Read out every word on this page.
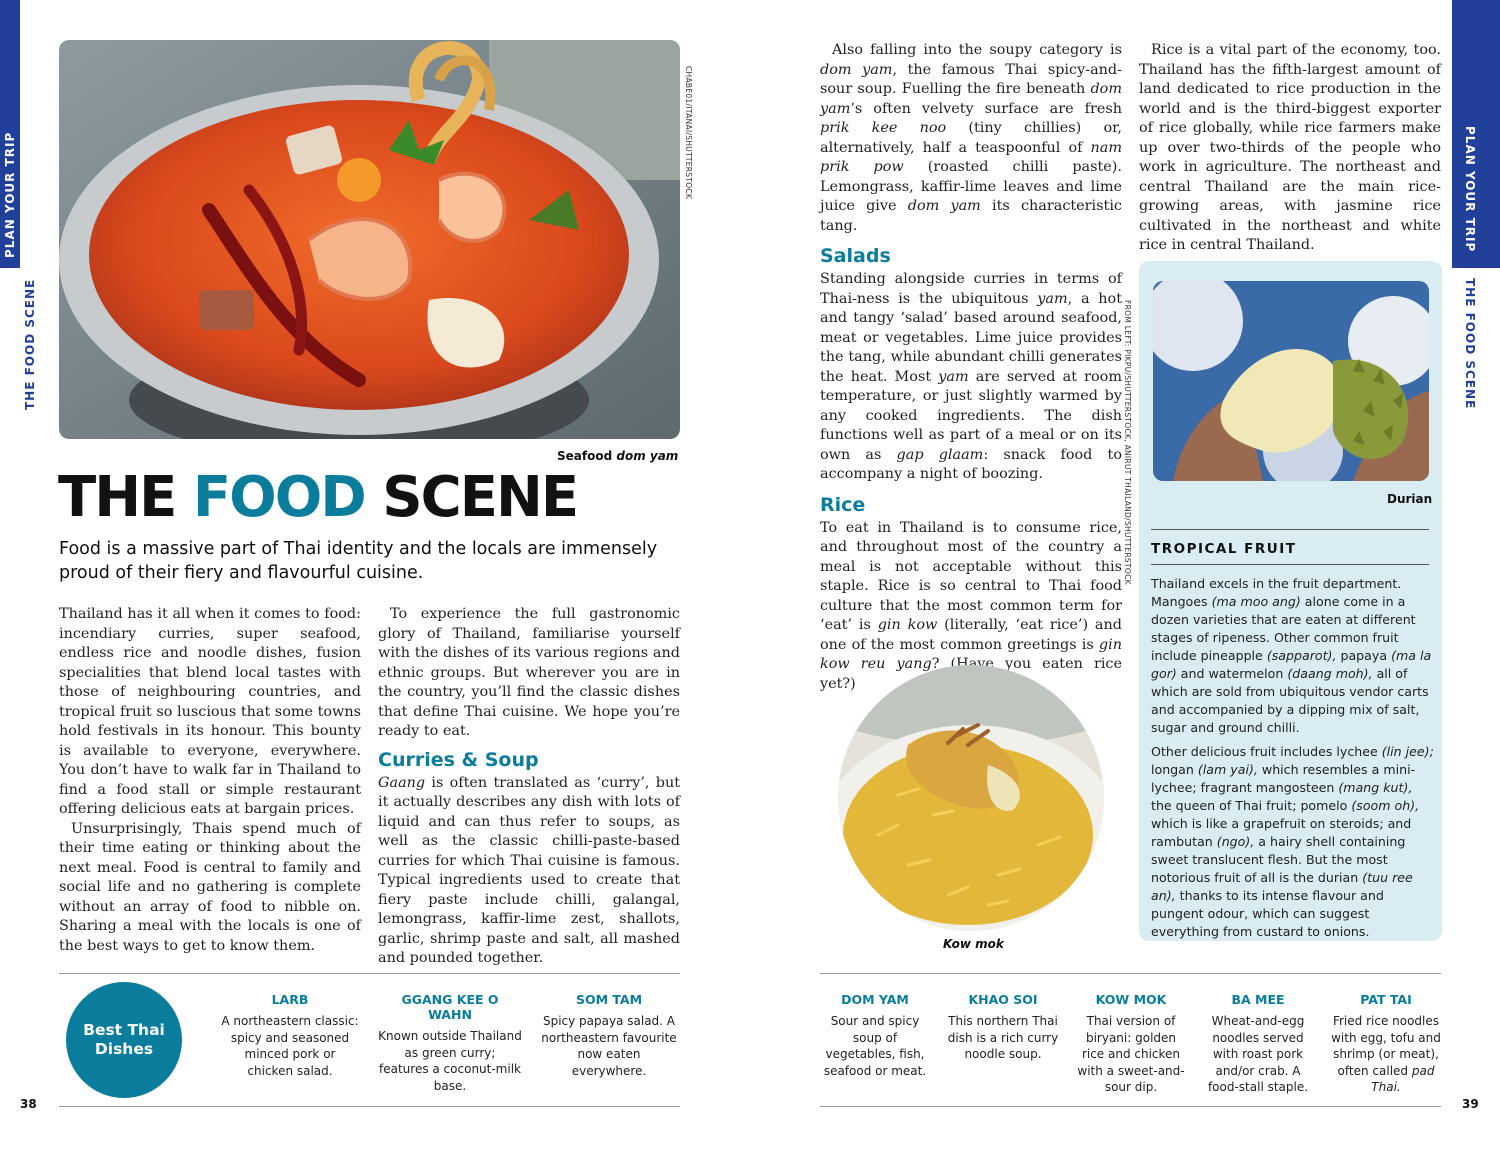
PLAN YOUR TRIP
THE FOOD SCENE
PLAN YOUR TRIP
THE FOOD SCENE
CHABE01/ITANAI/SHUTTERSTOCK
Seafood dom yam
THE FOOD SCENE
Food is a massive part of Thai identity and the locals are immensely proud of their fiery and flavourful cuisine.

Thailand has it all when it comes to food: incendiary curries, super seafood, endless rice and noodle dishes, fusion specialities that blend local tastes with those of neighbouring countries, and tropical fruit so luscious that some towns hold festivals in its honour. This bounty is available to everyone, everywhere. You don’t have to walk far in Thailand to find a food stall or simple restaurant offering delicious eats at bargain prices.

Unsurprisingly, Thais spend much of their time eating or thinking about the next meal. Food is central to family and social life and no gathering is complete without an array of food to nibble on. Sharing a meal with the locals is one of the best ways to get to know them.

To experience the full gastronomic glory of Thailand, familiarise yourself with the dishes of its various regions and ethnic groups. But wherever you are in the country, you’ll find the classic dishes that define Thai cuisine. We hope you’re ready to eat.

Curries & Soup

Gaang is often translated as ‘curry’, but it actually describes any dish with lots of liquid and can thus refer to soups, as well as the classic chilli-paste-based curries for which Thai cuisine is famous. Typical ingredients used to create that fiery paste include chilli, galangal, lemongrass, kaffir-lime zest, shallots, garlic, shrimp paste and salt, all mashed and pounded together.

Also falling into the soupy category is dom yam, the famous Thai spicy-and-sour soup. Fuelling the fire beneath dom yam’s often velvety surface are fresh prik kee noo (tiny chillies) or, alternatively, half a teaspoonful of nam prik pow (roasted chilli paste). Lemongrass, kaffir-lime leaves and lime juice give dom yam its characteristic tang.

Salads

Standing alongside curries in terms of Thai-ness is the ubiquitous yam, a hot and tangy ‘salad’ based around seafood, meat or vegetables. Lime juice provides the tang, while abundant chilli generates the heat. Most yam are served at room temperature, or just slightly warmed by any cooked ingredients. The dish functions well as part of a meal or on its own as gap glaam: snack food to accompany a night of boozing.

Rice

To eat in Thailand is to consume rice, and throughout most of the country a meal is not acceptable without this staple. Rice is so central to Thai food culture that the most common term for ‘eat’ is gin kow (literally, ‘eat rice’) and one of the most common greetings is gin kow reu yang? (Have you eaten rice yet?)

FROM LEFT: PIKPU/SHUTTERSTOCK, ANIRUT THAILAND/SHUTTERSTOCK

Rice is a vital part of the economy, too. Thailand has the fifth-largest amount of land dedicated to rice production in the world and is the third-biggest exporter of rice globally, while rice farmers make up over two-thirds of the people who work in agriculture. The northeast and central Thailand are the main rice-growing areas, with jasmine rice cultivated in the northeast and white rice in central Thailand.

Kow mok
Durian
TROPICAL FRUIT

Thailand excels in the fruit department. Mangoes (ma moo ang) alone come in a dozen varieties that are eaten at different stages of ripeness. Other common fruit include pineapple (sapparot), papaya (ma la gor) and watermelon (daang moh), all of which are sold from ubiquitous vendor carts and accompanied by a dipping mix of salt, sugar and ground chilli.

Other delicious fruit includes lychee (lin jee); longan (lam yai), which resembles a mini-lychee; fragrant mangosteen (mang kut), the queen of Thai fruit; pomelo (soom oh), which is like a grapefruit on steroids; and rambutan (ngo), a hairy shell containing sweet translucent flesh. But the most notorious fruit of all is the durian (tuu ree an), thanks to its intense flavour and pungent odour, which can suggest everything from custard to onions.

Best Thai Dishes
LARB
A northeastern classic: spicy and seasoned minced pork or chicken salad.
GGANG KEE O WAHN
Known outside Thailand as green curry; features a coconut-milk base.
SOM TAM
Spicy papaya salad. A northeastern favourite now eaten everywhere.
DOM YAM
Sour and spicy soup of vegetables, fish, seafood or meat.
KHAO SOI
This northern Thai dish is a rich curry noodle soup.
KOW MOK
Thai version of biryani: golden rice and chicken with a sweet-and-sour dip.
BA MEE
Wheat-and-egg noodles served with roast pork and/or crab. A food-stall staple.
PAT TAI
Fried rice noodles with egg, tofu and shrimp (or meat), often called pad Thai.
38	39
